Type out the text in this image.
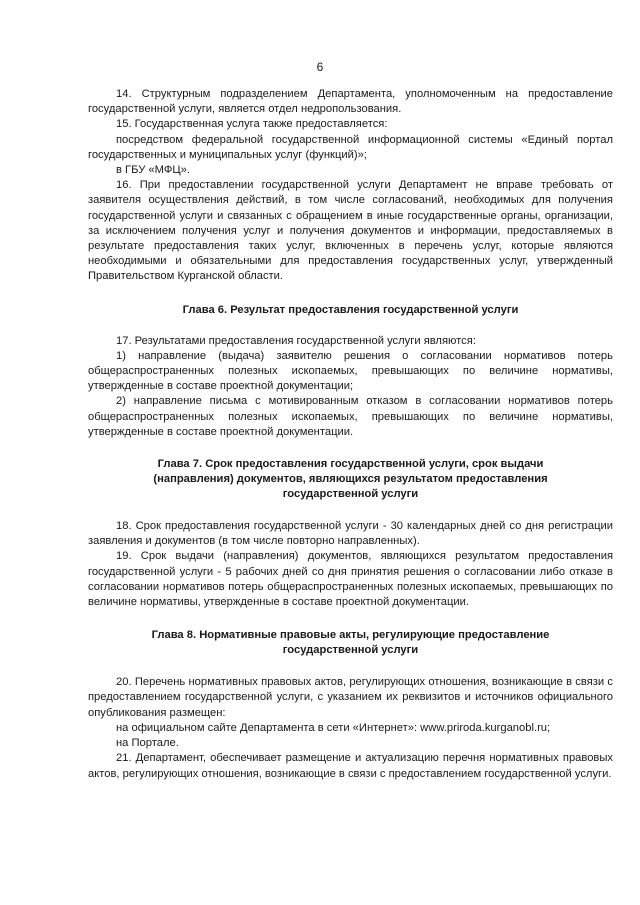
6

14. Структурным подразделением Департамента, уполномоченным на предоставление государственной услуги, является отдел недропользования.

15. Государственная услуга также предоставляется:

посредством федеральной государственной информационной системы «Единый портал государственных и муниципальных услуг (функций)»;

в ГБУ «МФЦ».

16. При предоставлении государственной услуги Департамент не вправе требовать от заявителя осуществления действий, в том числе согласований, необходимых для получения государственной услуги и связанных с обращением в иные государственные органы, организации, за исключением получения услуг и получения документов и информации, предоставляемых в результате предоставления таких услуг, включенных в перечень услуг, которые являются необходимыми и обязательными для предоставления государственных услуг, утвержденный Правительством Курганской области.

Глава 6. Результат предоставления государственной услуги

17. Результатами предоставления государственной услуги являются:

1) направление (выдача) заявителю решения о согласовании нормативов потерь общераспространенных полезных ископаемых, превышающих по величине нормативы, утвержденные в составе проектной документации;

2) направление письма с мотивированным отказом в согласовании нормативов потерь общераспространенных полезных ископаемых, превышающих по величине нормативы, утвержденные в составе проектной документации.

Глава 7. Срок предоставления государственной услуги, срок выдачи
(направления) документов, являющихся результатом предоставления
государственной услуги

18. Срок предоставления государственной услуги - 30 календарных дней со дня регистрации заявления и документов (в том числе повторно направленных).

19. Срок выдачи (направления) документов, являющихся результатом предоставления государственной услуги - 5 рабочих дней со дня принятия решения о согласовании либо отказе в согласовании нормативов потерь общераспространенных полезных ископаемых, превышающих по величине нормативы, утвержденные в составе проектной документации.

Глава 8. Нормативные правовые акты, регулирующие предоставление
государственной услуги

20. Перечень нормативных правовых актов, регулирующих отношения, возникающие в связи с предоставлением государственной услуги, с указанием их реквизитов и источников официального опубликования размещен:

на официальном сайте Департамента в сети «Интернет»: www.priroda.kurganobl.ru;

на Портале.

21. Департамент, обеспечивает размещение и актуализацию перечня нормативных правовых актов, регулирующих отношения, возникающие в связи с предоставлением государственной услуги.
